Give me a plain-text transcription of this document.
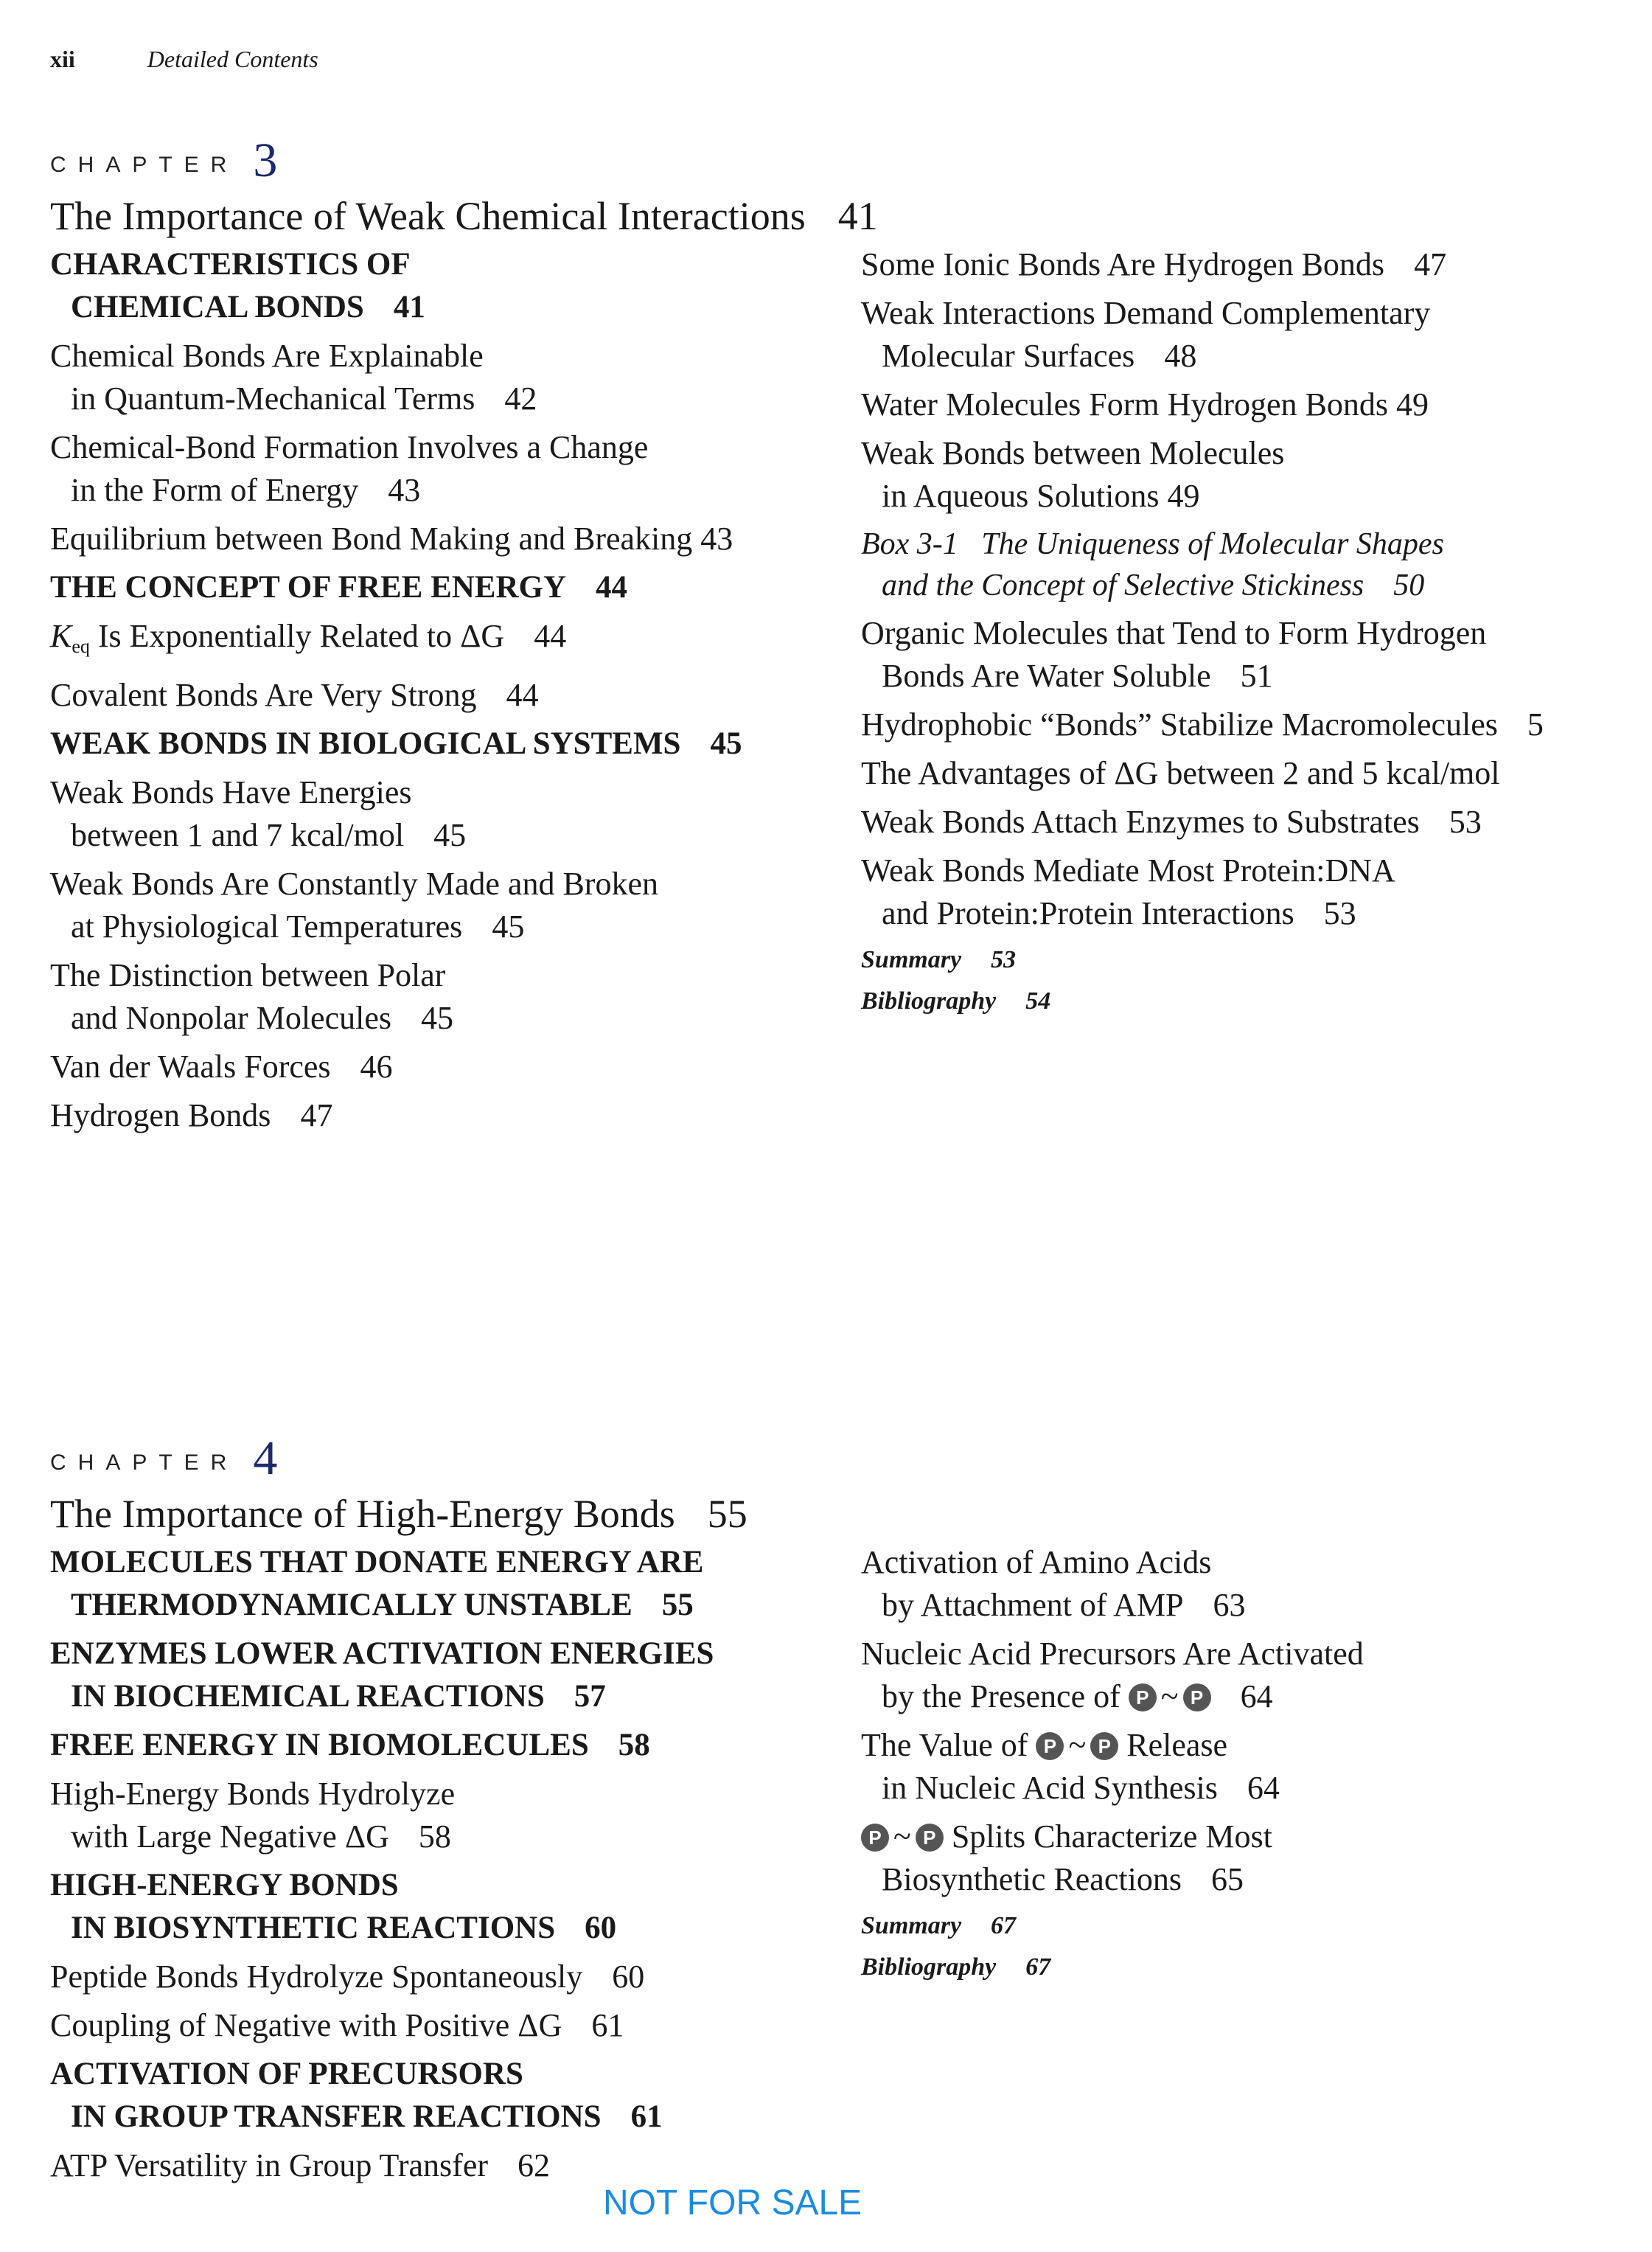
xii	Detailed Contents
CHAPTER 3
The Importance of Weak Chemical Interactions 41
CHARACTERISTICS OF
CHEMICAL BONDS 41
Chemical Bonds Are Explainable
in Quantum-Mechanical Terms 42
Chemical-Bond Formation Involves a Change
in the Form of Energy 43
Equilibrium between Bond Making and Breaking 43
THE CONCEPT OF FREE ENERGY 44
$K_{eq}$ Is Exponentially Related to ΔG 44
Covalent Bonds Are Very Strong 44
WEAK BONDS IN BIOLOGICAL SYSTEMS 45
Weak Bonds Have Energies
between 1 and 7 kcal/mol 45
Weak Bonds Are Constantly Made and Broken
at Physiological Temperatures 45
The Distinction between Polar
and Nonpolar Molecules 45
Van der Waals Forces 46
Hydrogen Bonds 47
Some Ionic Bonds Are Hydrogen Bonds 47
Weak Interactions Demand Complementary
Molecular Surfaces 48
Water Molecules Form Hydrogen Bonds 49
Weak Bonds between Molecules
in Aqueous Solutions 49
Box 3-1 The Uniqueness of Molecular Shapes
and the Concept of Selective Stickiness 50
Organic Molecules that Tend to Form Hydrogen
Bonds Are Water Soluble 51
Hydrophobic “Bonds” Stabilize Macromolecules 5
The Advantages of ΔG between 2 and 5 kcal/mol
Weak Bonds Attach Enzymes to Substrates 53
Weak Bonds Mediate Most Protein:DNA
and Protein:Protein Interactions 53
Summary 53
Bibliography 54
CHAPTER 4
The Importance of High-Energy Bonds 55
MOLECULES THAT DONATE ENERGY ARE
THERMODYNAMICALLY UNSTABLE 55
ENZYMES LOWER ACTIVATION ENERGIES
IN BIOCHEMICAL REACTIONS 57
FREE ENERGY IN BIOMOLECULES 58
High-Energy Bonds Hydrolyze
with Large Negative ΔG 58
HIGH-ENERGY BONDS
IN BIOSYNTHETIC REACTIONS 60
Peptide Bonds Hydrolyze Spontaneously 60
Coupling of Negative with Positive ΔG 61
ACTIVATION OF PRECURSORS
IN GROUP TRANSFER REACTIONS 61
ATP Versatility in Group Transfer 62
Activation of Amino Acids
by Attachment of AMP 63
Nucleic Acid Precursors Are Activated
by the Presence of P ~ P 64
The Value of P ~ P Release
in Nucleic Acid Synthesis 64
P ~ P Splits Characterize Most
Biosynthetic Reactions 65
Summary 67
Bibliography 67
NOT FOR SALE
